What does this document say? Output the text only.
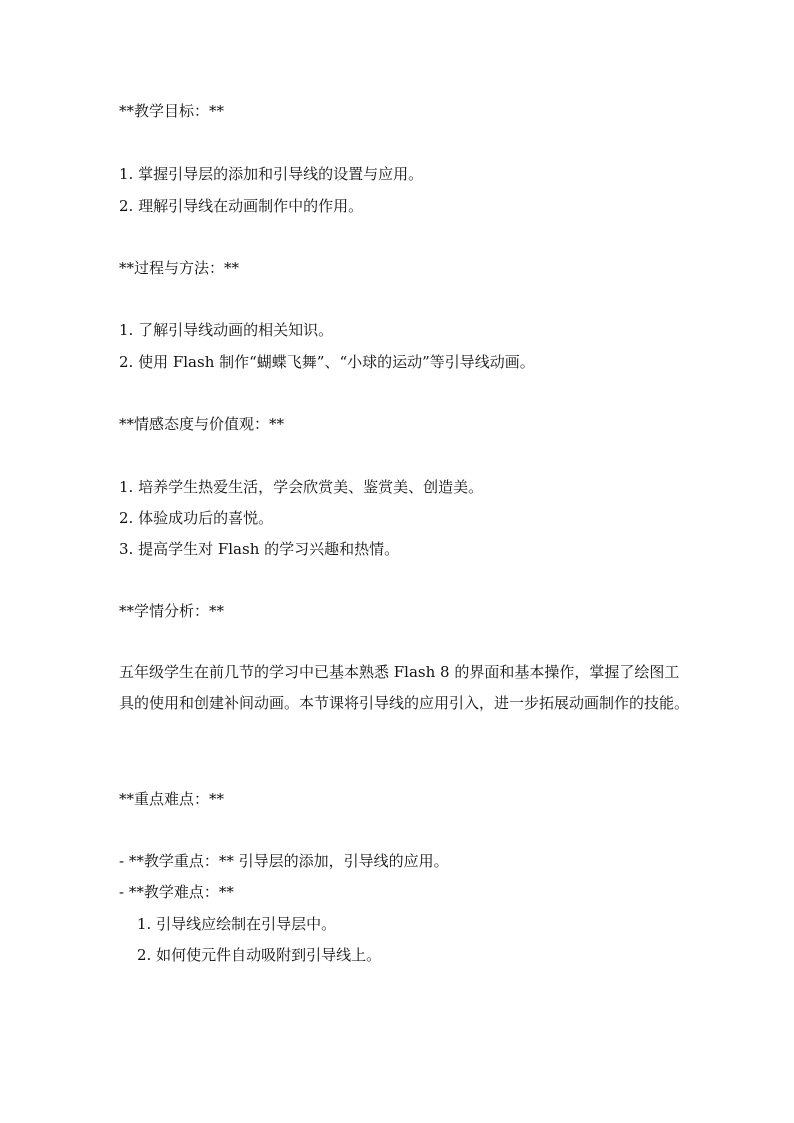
**教学目标：**
1. 掌握引导层的添加和引导线的设置与应用。
2. 理解引导线在动画制作中的作用。
**过程与方法：**
1. 了解引导线动画的相关知识。
2. 使用 Flash 制作“蝴蝶飞舞”、“小球的运动”等引导线动画。
**情感态度与价值观：**
1. 培养学生热爱生活，学会欣赏美、鉴赏美、创造美。
2. 体验成功后的喜悦。
3. 提高学生对 Flash 的学习兴趣和热情。
**学情分析：**
五年级学生在前几节的学习中已基本熟悉 Flash 8 的界面和基本操作，掌握了绘图工具的使用和创建补间动画。本节课将引导线的应用引入，进一步拓展动画制作的技能。
**重点难点：**
- **教学重点：** 引导层的添加，引导线的应用。
- **教学难点：**
1. 引导线应绘制在引导层中。
2. 如何使元件自动吸附到引导线上。
